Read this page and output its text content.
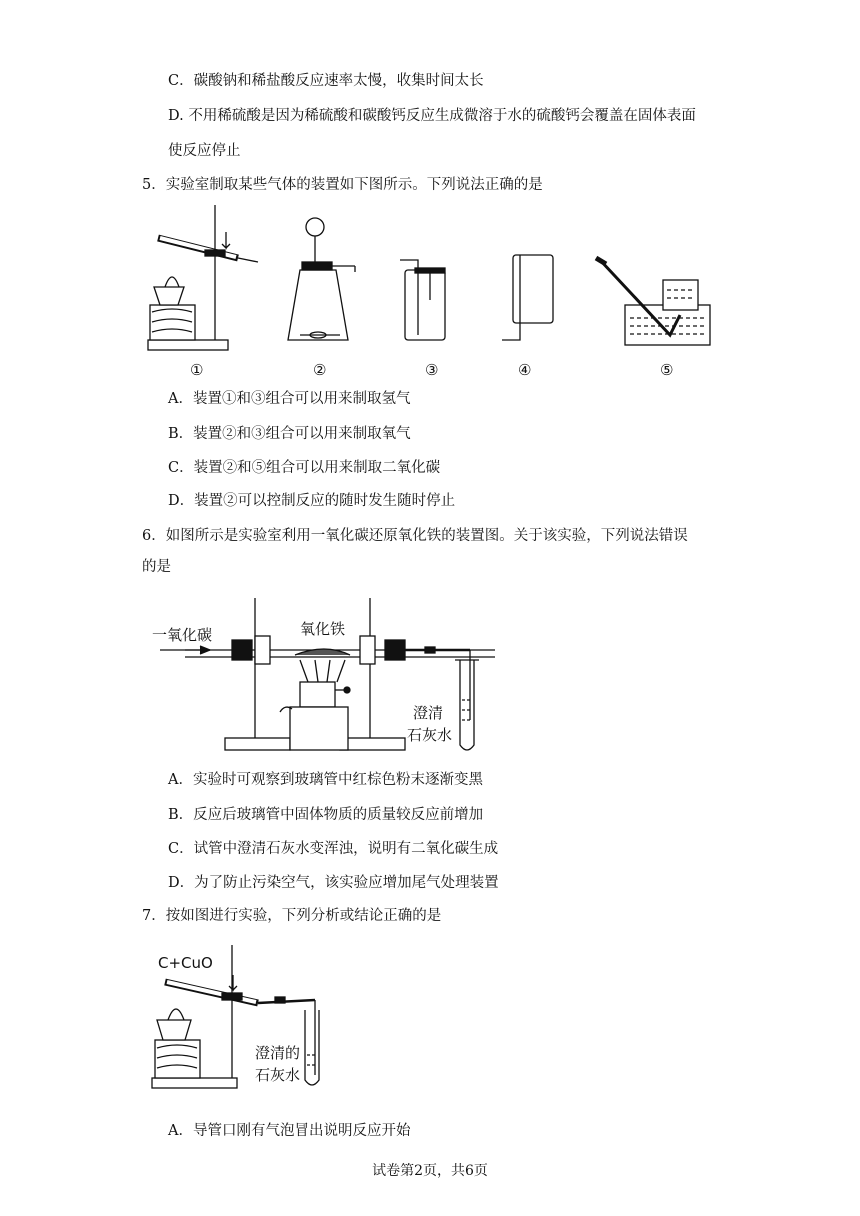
C．碳酸钠和稀盐酸反应速率太慢，收集时间太长
D. 不用稀硫酸是因为稀硫酸和碳酸钙反应生成微溶于水的硫酸钙会覆盖在固体表面
使反应停止
5．实验室制取某些气体的装置如下图所示。下列说法正确的是
①	②	③	④	⑤
A．装置①和③组合可以用来制取氢气
B．装置②和③组合可以用来制取氧气
C．装置②和⑤组合可以用来制取二氧化碳
D．装置②可以控制反应的随时发生随时停止
6．如图所示是实验室利用一氧化碳还原氧化铁的装置图。关于该实验，下列说法错误
的是
一氧化碳	氧化铁
澄清
石灰水
A．实验时可观察到玻璃管中红棕色粉末逐渐变黑
B．反应后玻璃管中固体物质的质量较反应前增加
C．试管中澄清石灰水变浑浊，说明有二氧化碳生成
D．为了防止污染空气，该实验应增加尾气处理装置
7．按如图进行实验，下列分析或结论正确的是
C+CuO
澄清的
石灰水
A．导管口刚有气泡冒出说明反应开始
试卷第2页，共6页
